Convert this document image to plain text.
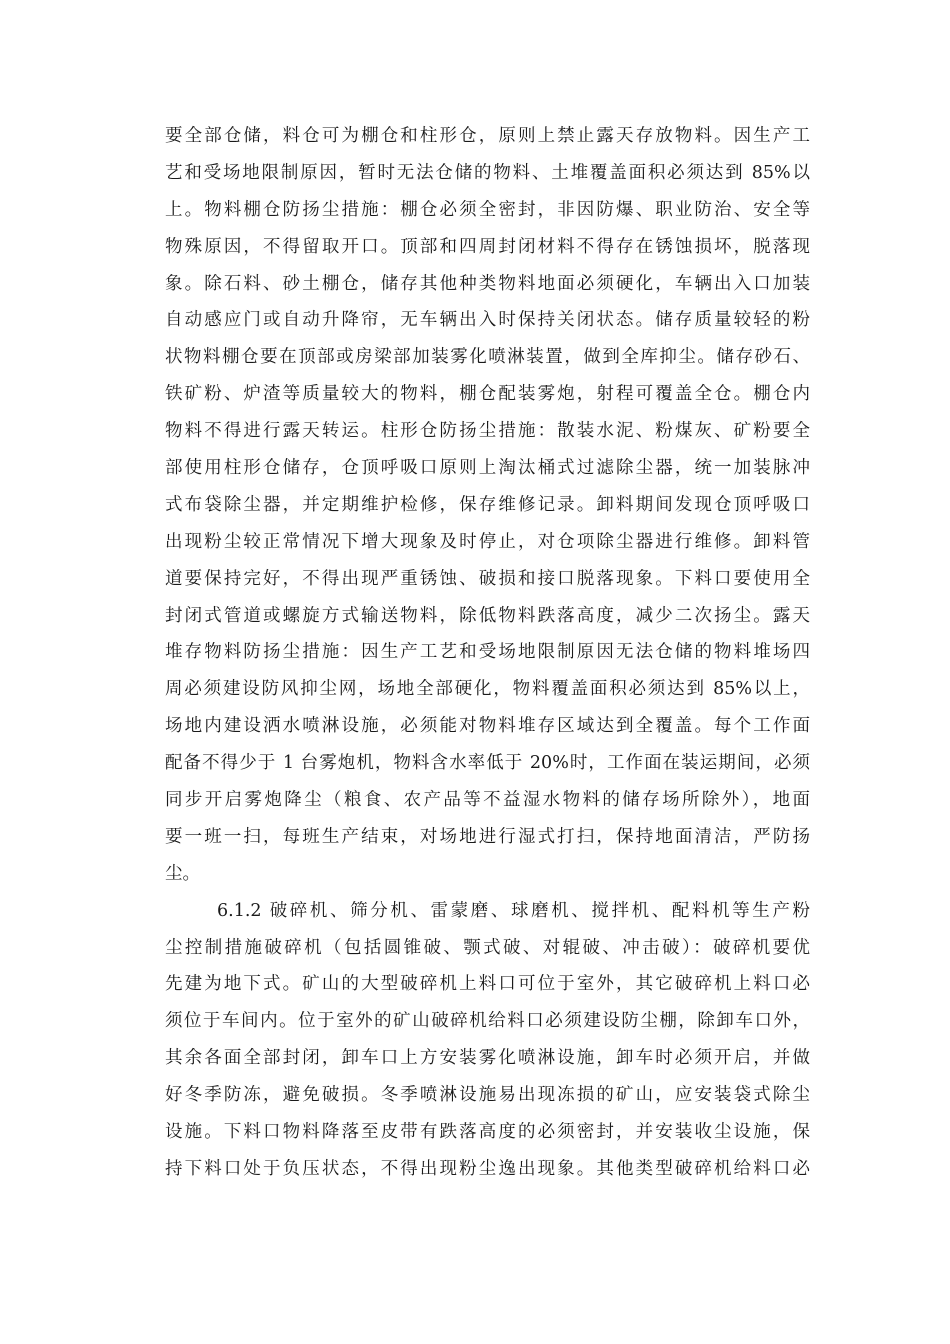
要全部仓储，料仓可为棚仓和柱形仓，原则上禁止露天存放物料。因生产工
艺和受场地限制原因，暂时无法仓储的物料、土堆覆盖面积必须达到 85%以
上。物料棚仓防扬尘措施：棚仓必须全密封，非因防爆、职业防治、安全等
物殊原因，不得留取开口。顶部和四周封闭材料不得存在锈蚀损坏，脱落现
象。除石料、砂土棚仓，储存其他种类物料地面必须硬化，车辆出入口加装
自动感应门或自动升降帘，无车辆出入时保持关闭状态。储存质量较轻的粉
状物料棚仓要在顶部或房梁部加装雾化喷淋装置，做到全库抑尘。储存砂石、
铁矿粉、炉渣等质量较大的物料，棚仓配装雾炮，射程可覆盖全仓。棚仓内
物料不得进行露天转运。柱形仓防扬尘措施：散装水泥、粉煤灰、矿粉要全
部使用柱形仓储存，仓顶呼吸口原则上淘汰桶式过滤除尘器，统一加装脉冲
式布袋除尘器，并定期维护检修，保存维修记录。卸料期间发现仓顶呼吸口
出现粉尘较正常情况下增大现象及时停止，对仓项除尘器进行维修。卸料管
道要保持完好，不得出现严重锈蚀、破损和接口脱落现象。下料口要使用全
封闭式管道或螺旋方式输送物料，除低物料跌落高度，减少二次扬尘。露天
堆存物料防扬尘措施：因生产工艺和受场地限制原因无法仓储的物料堆场四
周必须建设防风抑尘网，场地全部硬化，物料覆盖面积必须达到 85%以上，
场地内建设洒水喷淋设施，必须能对物料堆存区域达到全覆盖。每个工作面
配备不得少于 1 台雾炮机，物料含水率低于 20%时，工作面在装运期间，必须
同步开启雾炮降尘（粮食、农产品等不益湿水物料的储存场所除外），地面
要一班一扫，每班生产结束，对场地进行湿式打扫，保持地面清洁，严防扬
尘。
6.1.2 破碎机、筛分机、雷蒙磨、球磨机、搅拌机、配料机等生产粉
尘控制措施破碎机（包括圆锥破、颚式破、对辊破、冲击破）：破碎机要优
先建为地下式。矿山的大型破碎机上料口可位于室外，其它破碎机上料口必
须位于车间内。位于室外的矿山破碎机给料口必须建设防尘棚，除卸车口外，
其余各面全部封闭，卸车口上方安装雾化喷淋设施，卸车时必须开启，并做
好冬季防冻，避免破损。冬季喷淋设施易出现冻损的矿山，应安装袋式除尘
设施。下料口物料降落至皮带有跌落高度的必须密封，并安装收尘设施，保
持下料口处于负压状态，不得出现粉尘逸出现象。其他类型破碎机给料口必
